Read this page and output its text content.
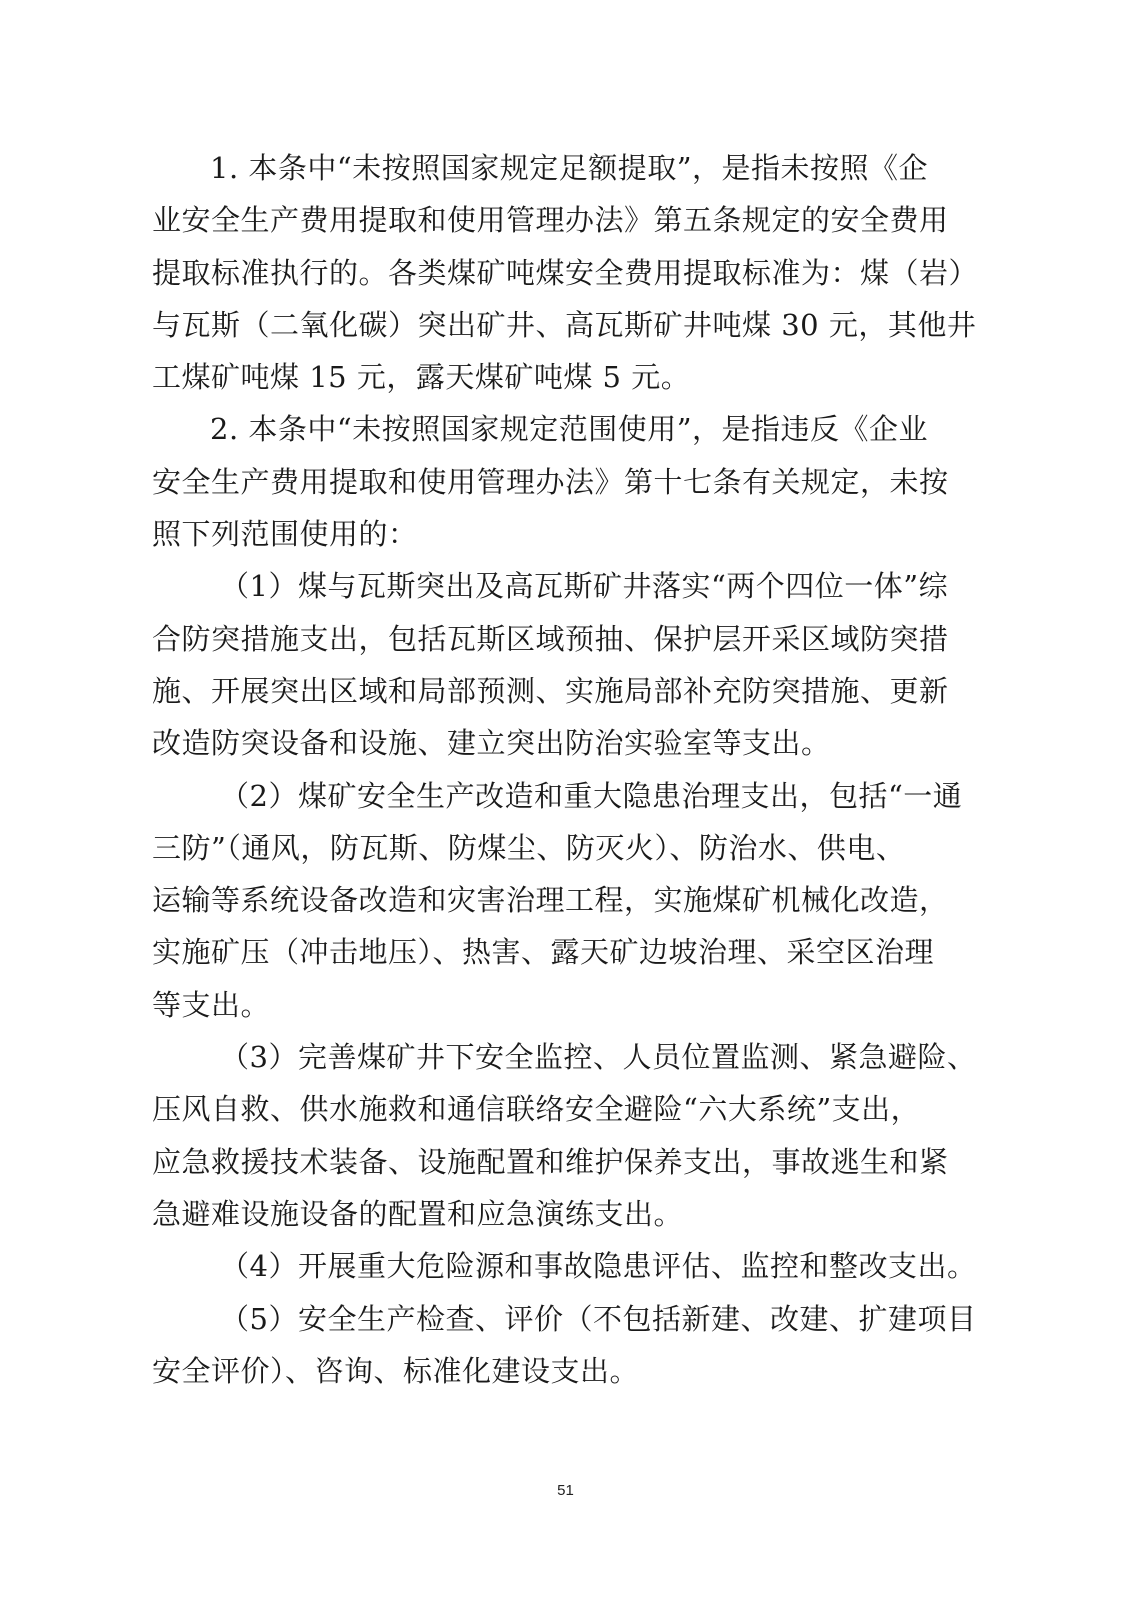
1. 本条中“未按照国家规定足额提取”，是指未按照《企
业安全生产费用提取和使用管理办法》第五条规定的安全费用
提取标准执行的。各类煤矿吨煤安全费用提取标准为：煤（岩）
与瓦斯（二氧化碳）突出矿井、高瓦斯矿井吨煤 30 元，其他井
工煤矿吨煤 15 元，露天煤矿吨煤 5 元。
2. 本条中“未按照国家规定范围使用”，是指违反《企业
安全生产费用提取和使用管理办法》第十七条有关规定，未按
照下列范围使用的：
（1）煤与瓦斯突出及高瓦斯矿井落实“两个四位一体”综
合防突措施支出，包括瓦斯区域预抽、保护层开采区域防突措
施、开展突出区域和局部预测、实施局部补充防突措施、更新
改造防突设备和设施、建立突出防治实验室等支出。
（2）煤矿安全生产改造和重大隐患治理支出，包括“一通
三防”（通风，防瓦斯、防煤尘、防灭火）、防治水、供电、
运输等系统设备改造和灾害治理工程，实施煤矿机械化改造，
实施矿压（冲击地压）、热害、露天矿边坡治理、采空区治理
等支出。
（3）完善煤矿井下安全监控、人员位置监测、紧急避险、
压风自救、供水施救和通信联络安全避险“六大系统”支出，
应急救援技术装备、设施配置和维护保养支出，事故逃生和紧
急避难设施设备的配置和应急演练支出。
（4）开展重大危险源和事故隐患评估、监控和整改支出。
（5）安全生产检查、评价（不包括新建、改建、扩建项目
安全评价）、咨询、标准化建设支出。
51
